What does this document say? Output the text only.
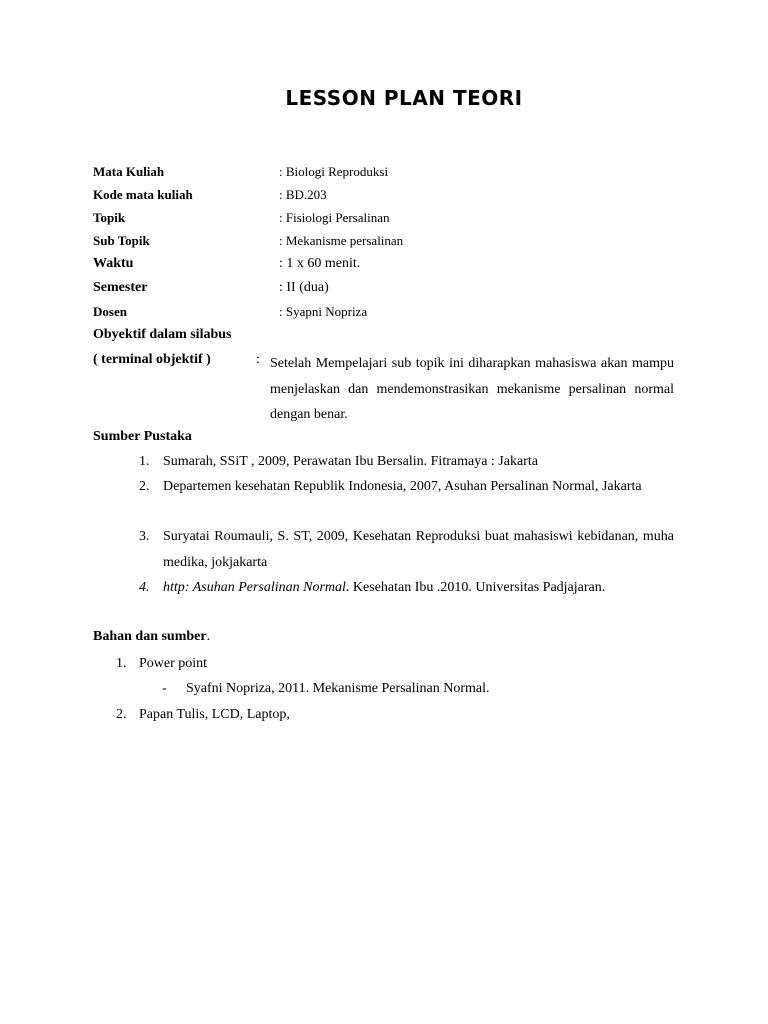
LESSON PLAN TEORI
Mata Kuliah	: Biologi Reproduksi
Kode mata kuliah	: BD.203
Topik	: Fisiologi Persalinan
Sub Topik	: Mekanisme persalinan
Waktu	: 1 x 60 menit.
Semester	: II (dua)
Dosen	: Syapni Nopriza
Obyektif dalam silabus
( terminal objektif )	: Setelah Mempelajari sub topik ini diharapkan mahasiswa akan mampu menjelaskan dan mendemonstrasikan mekanisme persalinan normal dengan benar.
Sumber Pustaka
1. Sumarah, SSiT , 2009, Perawatan Ibu Bersalin. Fitramaya : Jakarta
2. Departemen kesehatan Republik Indonesia, 2007, Asuhan Persalinan Normal, Jakarta
3. Suryatai Roumauli, S. ST, 2009, Kesehatan Reproduksi buat mahasiswi kebidanan, muha medika, jokjakarta
4. http: Asuhan Persalinan Normal. Kesehatan Ibu .2010. Universitas Padjajaran.
Bahan dan sumber.
1. Power point
- Syafni Nopriza, 2011. Mekanisme Persalinan Normal.
2. Papan Tulis, LCD, Laptop,
